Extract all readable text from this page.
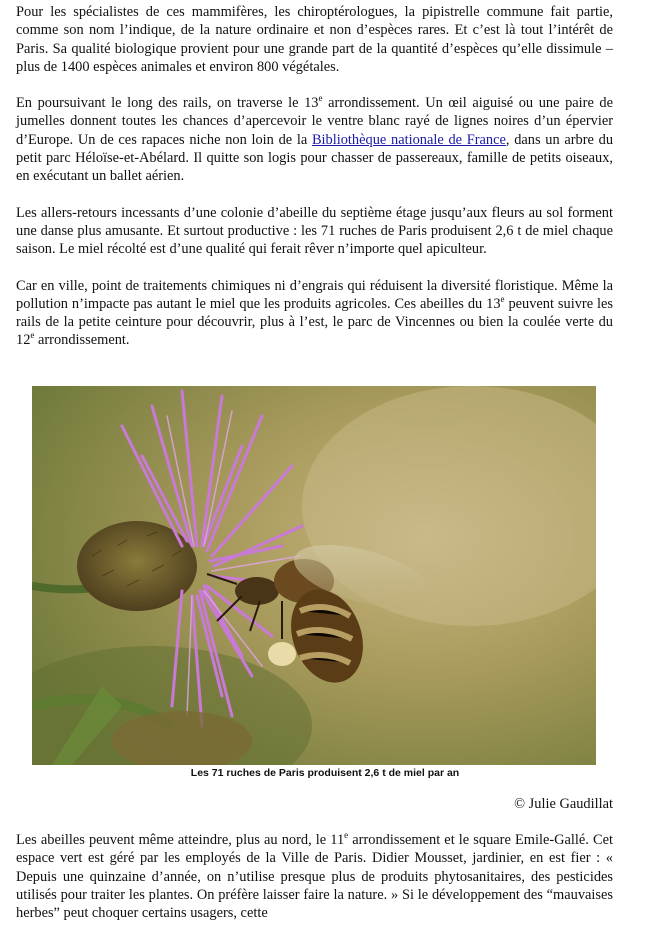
Pour les spécialistes de ces mammifères, les chiroptérologues, la pipistrelle commune fait partie, comme son nom l’indique, de la nature ordinaire et non d’espèces rares. Et c’est là tout l’intérêt de Paris. Sa qualité biologique provient pour une grande part de la quantité d’espèces qu’elle dissimule – plus de 1400 espèces animales et environ 800 végétales.

En poursuivant le long des rails, on traverse le 13e arrondissement. Un œil aiguisé ou une paire de jumelles donnent toutes les chances d’apercevoir le ventre blanc rayé de lignes noires d’un épervier d’Europe. Un de ces rapaces niche non loin de la Bibliothèque nationale de France, dans un arbre du petit parc Héloïse-et-Abélard. Il quitte son logis pour chasser de passereaux, famille de petits oiseaux, en exécutant un ballet aérien.

Les allers-retours incessants d’une colonie d’abeille du septième étage jusqu’aux fleurs au sol forment une danse plus amusante. Et surtout productive : les 71 ruches de Paris produisent 2,6 t de miel chaque saison. Le miel récolté est d’une qualité qui ferait rêver n’importe quel apiculteur.

Car en ville, point de traitements chimiques ni d’engrais qui réduisent la diversité floristique. Même la pollution n’impacte pas autant le miel que les produits agricoles. Ces abeilles du 13e peuvent suivre les rails de la petite ceinture pour découvrir, plus à l’est, le parc de Vincennes ou bien la coulée verte du 12e arrondissement.

Les 71 ruches de Paris produisent 2,6 t de miel par an
© Julie Gaudillat

Les abeilles peuvent même atteindre, plus au nord, le 11e arrondissement et le square Emile-Gallé. Cet espace vert est géré par les employés de la Ville de Paris. Didier Mousset, jardinier, en est fier : « Depuis une quinzaine d’année, on n’utilise presque plus de produits phytosanitaires, des pesticides utilisés pour traiter les plantes. On préfère laisser faire la nature. » Si le développement des “mauvaises herbes” peut choquer certains usagers, cette
